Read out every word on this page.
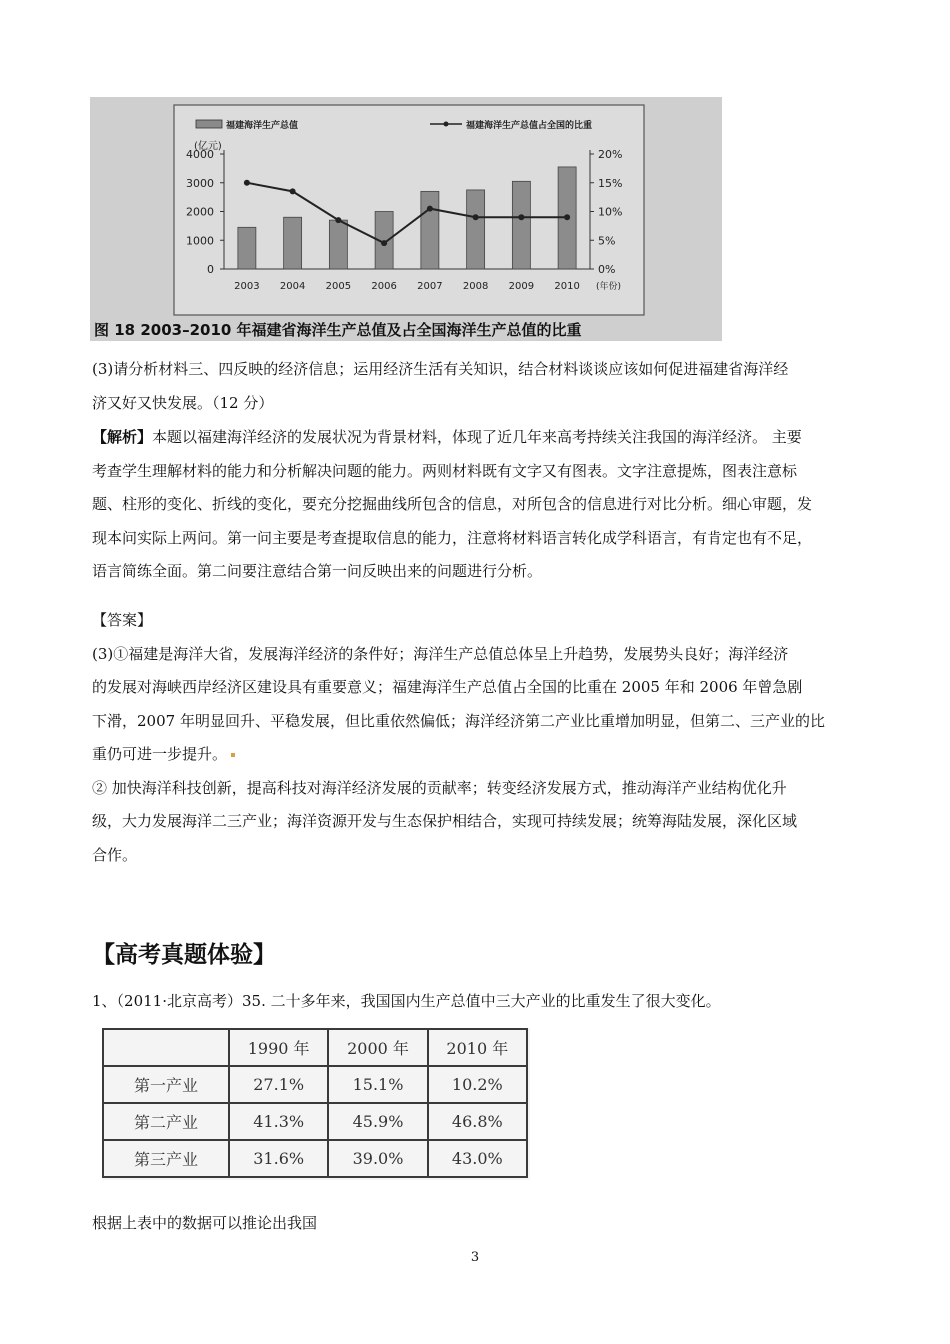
福建海洋生产总值	福建海洋生产总值占全国的比重
(亿元)
4000
3000
2000
1000
0
20%
15%
10%
5%
0%
2003 2004 2005 2006 2007 2008 2009 2010 (年份)
图 18 2003–2010 年福建省海洋生产总值及占全国海洋生产总值的比重
(3)请分析材料三、四反映的经济信息；运用经济生活有关知识，结合材料谈谈应该如何促进福建省海洋经
济又好又快发展。（12 分）
【解析】本题以福建海洋经济的发展状况为背景材料，体现了近几年来高考持续关注我国的海洋经济。 主要
考查学生理解材料的能力和分析解决问题的能力。两则材料既有文字又有图表。文字注意提炼，图表注意标
题、柱形的变化、折线的变化，要充分挖掘曲线所包含的信息，对所包含的信息进行对比分析。细心审题，发
现本问实际上两问。第一问主要是考查提取信息的能力，注意将材料语言转化成学科语言，有肯定也有不足，
语言简练全面。第二问要注意结合第一问反映出来的问题进行分析。
【答案】
(3)①福建是海洋大省，发展海洋经济的条件好；海洋生产总值总体呈上升趋势，发展势头良好；海洋经济
的发展对海峡西岸经济区建设具有重要意义；福建海洋生产总值占全国的比重在 2005 年和 2006 年曾急剧
下滑，2007 年明显回升、平稳发展，但比重依然偏低；海洋经济第二产业比重增加明显，但第二、三产业的比
重仍可进一步提升。
② 加快海洋科技创新，提高科技对海洋经济发展的贡献率；转变经济发展方式，推动海洋产业结构优化升
级，大力发展海洋二三产业；海洋资源开发与生态保护相结合，实现可持续发展；统筹海陆发展，深化区域
合作。
【高考真题体验】
1、（2011·北京高考）35. 二十多年来，我国国内生产总值中三大产业的比重发生了很大变化。
	1990 年	2000 年	2010 年
第一产业	27.1%	15.1%	10.2%
第二产业	41.3%	45.9%	46.8%
第三产业	31.6%	39.0%	43.0%
根据上表中的数据可以推论出我国
3
